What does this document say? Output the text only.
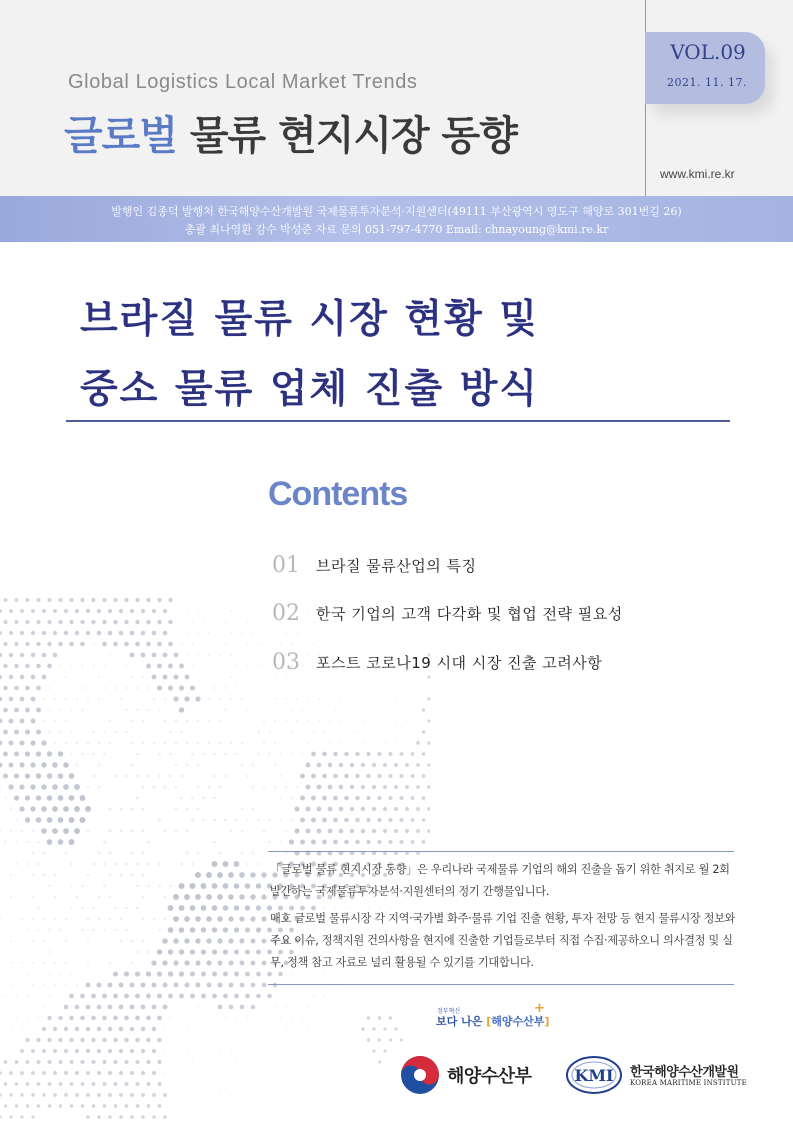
VOL.09
2021. 11. 17.
Global Logistics Local Market Trends
글로벌 물류 현지시장 동향
www.kmi.re.kr
발행인 김종덕 발행처 한국해양수산개발원 국제물류투자분석·지원센터(49111 부산광역시 영도구 해양로 301번길 26)
총괄 최나영환 감수 박성준 자료 문의 051-797-4770 Email: chnayoung@kmi.re.kr
브라질 물류 시장 현황 및
중소 물류 업체 진출 방식
Contents
01 브라질 물류산업의 특징
02 한국 기업의 고객 다각화 및 협업 전략 필요성
03 포스트 코로나19 시대 시장 진출 고려사항
「글로벌 물류 현지시장 동향」은 우리나라 국제물류 기업의 해외 진출을 돕기 위한 취지로 월 2회 발간하는 국제물류투자분석·지원센터의 정기 간행물입니다.
매호 글로벌 물류시장 각 지역·국가별 화주·물류 기업 진출 현황, 투자 전망 등 현지 물류시장 정보와 주요 이슈, 정책지원 건의사항을 현지에 진출한 기업들로부터 직접 수집·제공하오니 의사결정 및 실무, 정책 참고 자료로 널리 활용될 수 있기를 기대합니다.
정부혁신
보다 나은 [해양수산부]
+
해양수산부	KMI 한국해양수산개발원
KOREA MARITIME INSTITUTE
